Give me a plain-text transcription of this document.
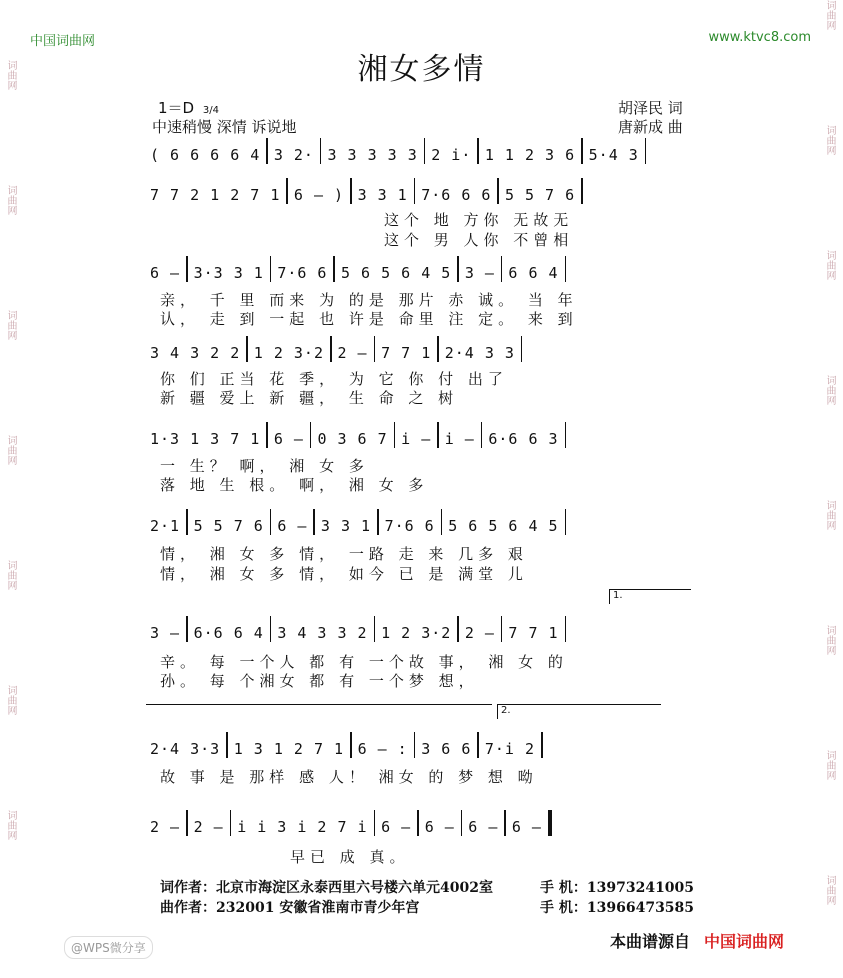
词曲网
词曲网
词曲网
词曲网
词曲网
词曲网
词曲网
词曲网
词曲网
词曲网
词曲网
词曲网
词曲网
词曲网
词曲网
中国词曲网	www.ktvc8.com
湘女多情
1＝D 3/4
中速稍慢 深情 诉说地
胡泽民 词
唐新成 曲
( 6 6 6 6 4 3 2· 3 3 3 3 3 2 i· 1 1 2 3 6 5·4 3
7 7 2 1 2 7 1 6 – ) 3 3 1 7·6 6 6 5 5 7 6
这个 地 方你 无故无
这个 男 人你 不曾相
6 – 3·3 3 1 7·6 6 5 6 5 6 4 5 3 – 6 6 4
亲， 千 里 而来 为 的是 那片 赤 诚。 当 年
认， 走 到 一起 也 许是 命里 注 定。 来 到
3 4 3 2 2 1 2 3·2 2 – 7 7 1 2·4 3 3
你 们 正当 花 季， 为 它 你 付 出了
新 疆 爱上 新 疆， 生 命 之 树
1·3 1 3 7 1 6 – 0 3 6 7 i – i – 6·6 6 3
一 生？ 啊， 湘 女 多
落 地 生 根。 啊， 湘 女 多
2·1 5 5 7 6 6 – 3 3 1 7·6 6 5 6 5 6 4 5
情， 湘 女 多 情， 一路 走 来 几多 艰
情， 湘 女 多 情， 如今 已 是 满堂 儿
1.
3 – 6·6 6 4 3 4 3 3 2 1 2 3·2 2 – 7 7 1
辛。 每 一个人 都 有 一个故 事， 湘 女 的
孙。 每 个湘女 都 有 一个梦 想，
2.
2·4 3·3 1 3 1 2 7 1 6 – : 3 6 6 7·i 2
故 事 是 那样 感 人！ 湘女 的 梦 想 呦
2 – 2 – i i 3 i 2 7 i 6 – 6 – 6 – 6 –
早已 成 真。
词作者：北京市海淀区永泰西里六号楼六单元4002室	手 机：13973241005
曲作者：232001 安徽省淮南市青少年宫	手 机：13966473585
@WPS微分享	本曲谱源自 中国词曲网
